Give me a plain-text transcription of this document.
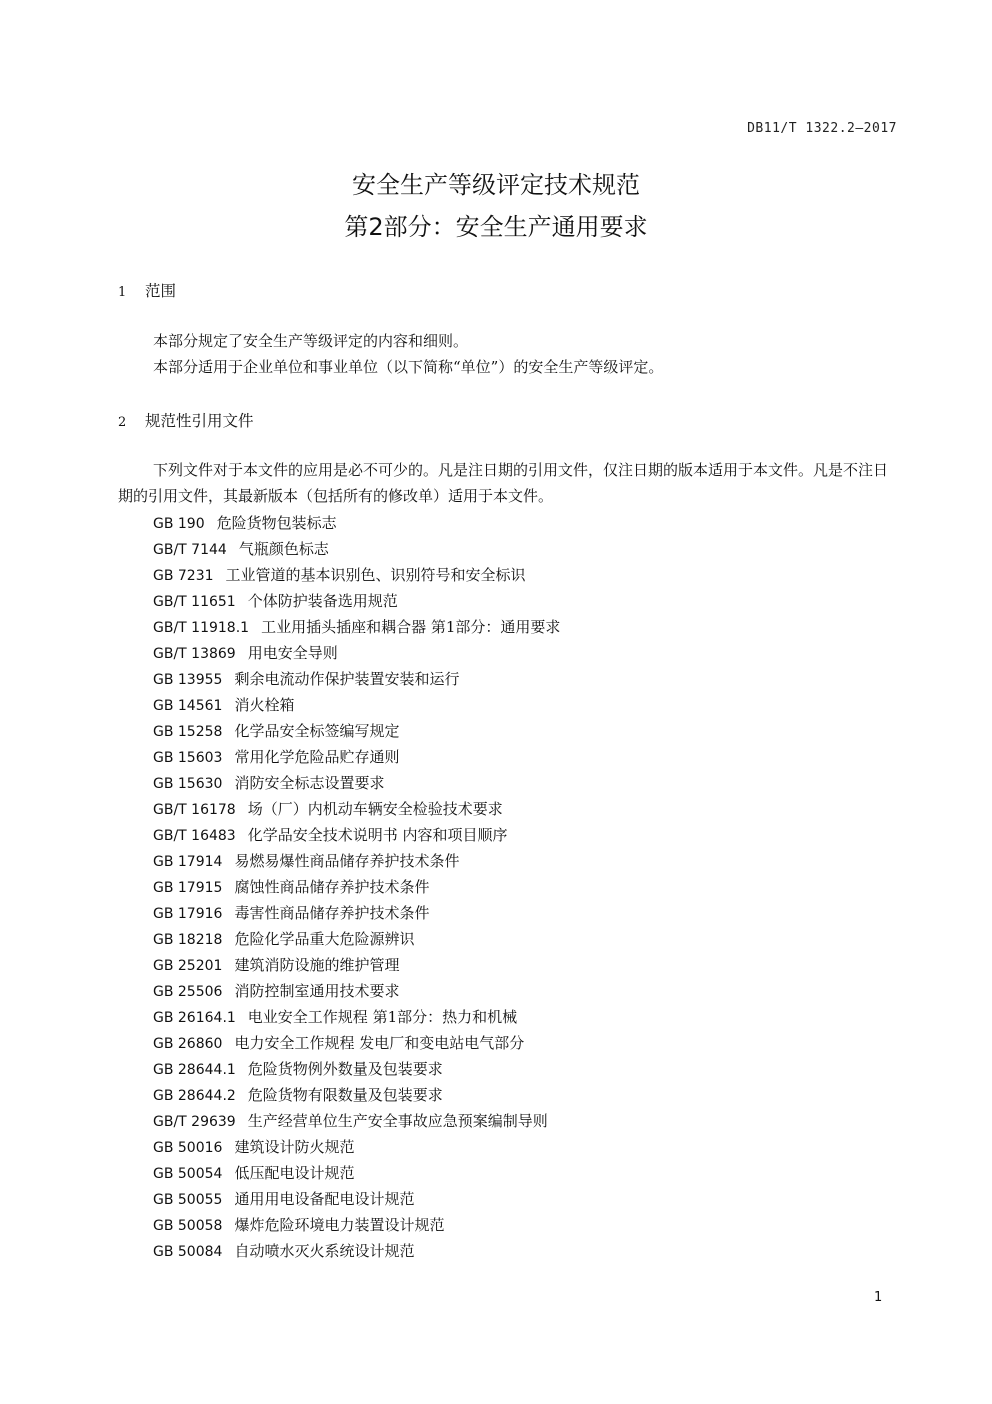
DB11/T 1322.2—2017
安全生产等级评定技术规范
第2部分：安全生产通用要求
1 范围
本部分规定了安全生产等级评定的内容和细则。
本部分适用于企业单位和事业单位（以下简称“单位”）的安全生产等级评定。
2 规范性引用文件
下列文件对于本文件的应用是必不可少的。凡是注日期的引用文件，仅注日期的版本适用于本文件。凡是不注日期的引用文件，其最新版本（包括所有的修改单）适用于本文件。
GB 190 危险货物包装标志
GB/T 7144 气瓶颜色标志
GB 7231 工业管道的基本识别色、识别符号和安全标识
GB/T 11651 个体防护装备选用规范
GB/T 11918.1 工业用插头插座和耦合器 第1部分：通用要求
GB/T 13869 用电安全导则
GB 13955 剩余电流动作保护装置安装和运行
GB 14561 消火栓箱
GB 15258 化学品安全标签编写规定
GB 15603 常用化学危险品贮存通则
GB 15630 消防安全标志设置要求
GB/T 16178 场（厂）内机动车辆安全检验技术要求
GB/T 16483 化学品安全技术说明书 内容和项目顺序
GB 17914 易燃易爆性商品储存养护技术条件
GB 17915 腐蚀性商品储存养护技术条件
GB 17916 毒害性商品储存养护技术条件
GB 18218 危险化学品重大危险源辨识
GB 25201 建筑消防设施的维护管理
GB 25506 消防控制室通用技术要求
GB 26164.1 电业安全工作规程 第1部分：热力和机械
GB 26860 电力安全工作规程 发电厂和变电站电气部分
GB 28644.1 危险货物例外数量及包装要求
GB 28644.2 危险货物有限数量及包装要求
GB/T 29639 生产经营单位生产安全事故应急预案编制导则
GB 50016 建筑设计防火规范
GB 50054 低压配电设计规范
GB 50055 通用用电设备配电设计规范
GB 50058 爆炸危险环境电力装置设计规范
GB 50084 自动喷水灭火系统设计规范
1
